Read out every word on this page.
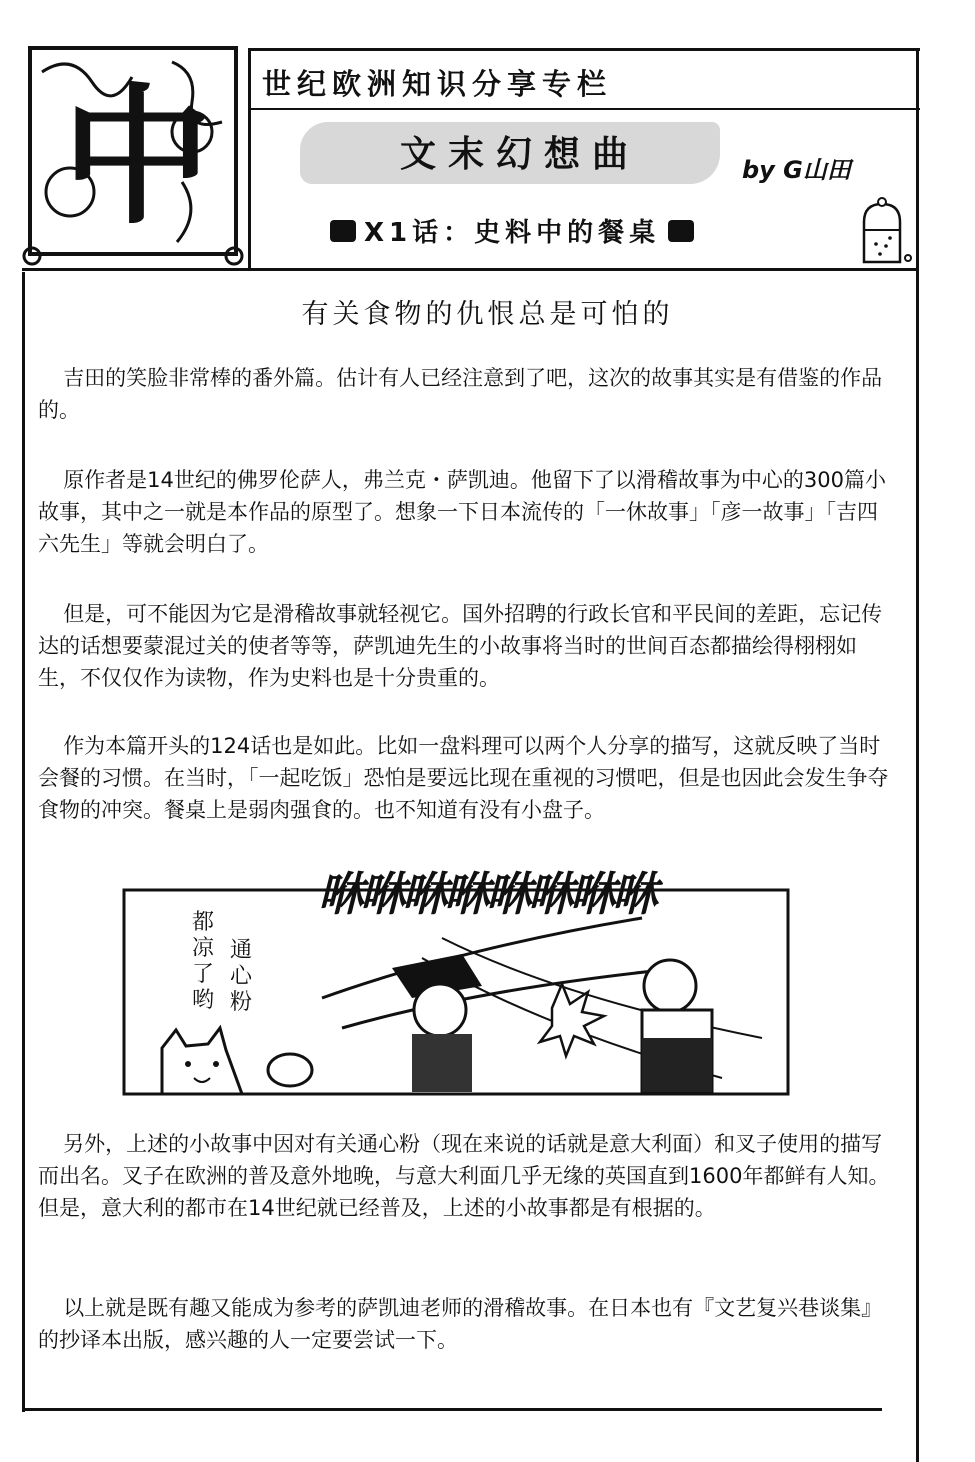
中 世纪欧洲知识分享专栏
文末幻想曲	by G山田
X1话：史料中的餐桌
有关食物的仇恨总是可怕的

吉田的笑脸非常棒的番外篇。估计有人已经注意到了吧，这次的故事其实是有借鉴的作品的。

原作者是14世纪的佛罗伦萨人，弗兰克・萨凯迪。他留下了以滑稽故事为中心的300篇小故事，其中之一就是本作品的原型了。想象一下日本流传的「一休故事」「彦一故事」「吉四六先生」等就会明白了。

但是，可不能因为它是滑稽故事就轻视它。国外招聘的行政长官和平民间的差距，忘记传达的话想要蒙混过关的使者等等，萨凯迪先生的小故事将当时的世间百态都描绘得栩栩如生，不仅仅作为读物，作为史料也是十分贵重的。

作为本篇开头的124话也是如此。比如一盘料理可以两个人分享的描写，这就反映了当时会餐的习惯。在当时，「一起吃饭」恐怕是要远比现在重视的习惯吧，但是也因此会发生争夺食物的冲突。餐桌上是弱肉强食的。也不知道有没有小盘子。

另外，上述的小故事中因对有关通心粉（现在来说的话就是意大利面）和叉子使用的描写而出名。叉子在欧洲的普及意外地晚，与意大利面几乎无缘的英国直到1600年都鲜有人知。但是，意大利的都市在14世纪就已经普及，上述的小故事都是有根据的。

以上就是既有趣又能成为参考的萨凯迪老师的滑稽故事。在日本也有『文艺复兴巷谈集』的抄译本出版，感兴趣的人一定要尝试一下。

咻咻咻咻咻咻咻咻
都凉了哟
通心粉
